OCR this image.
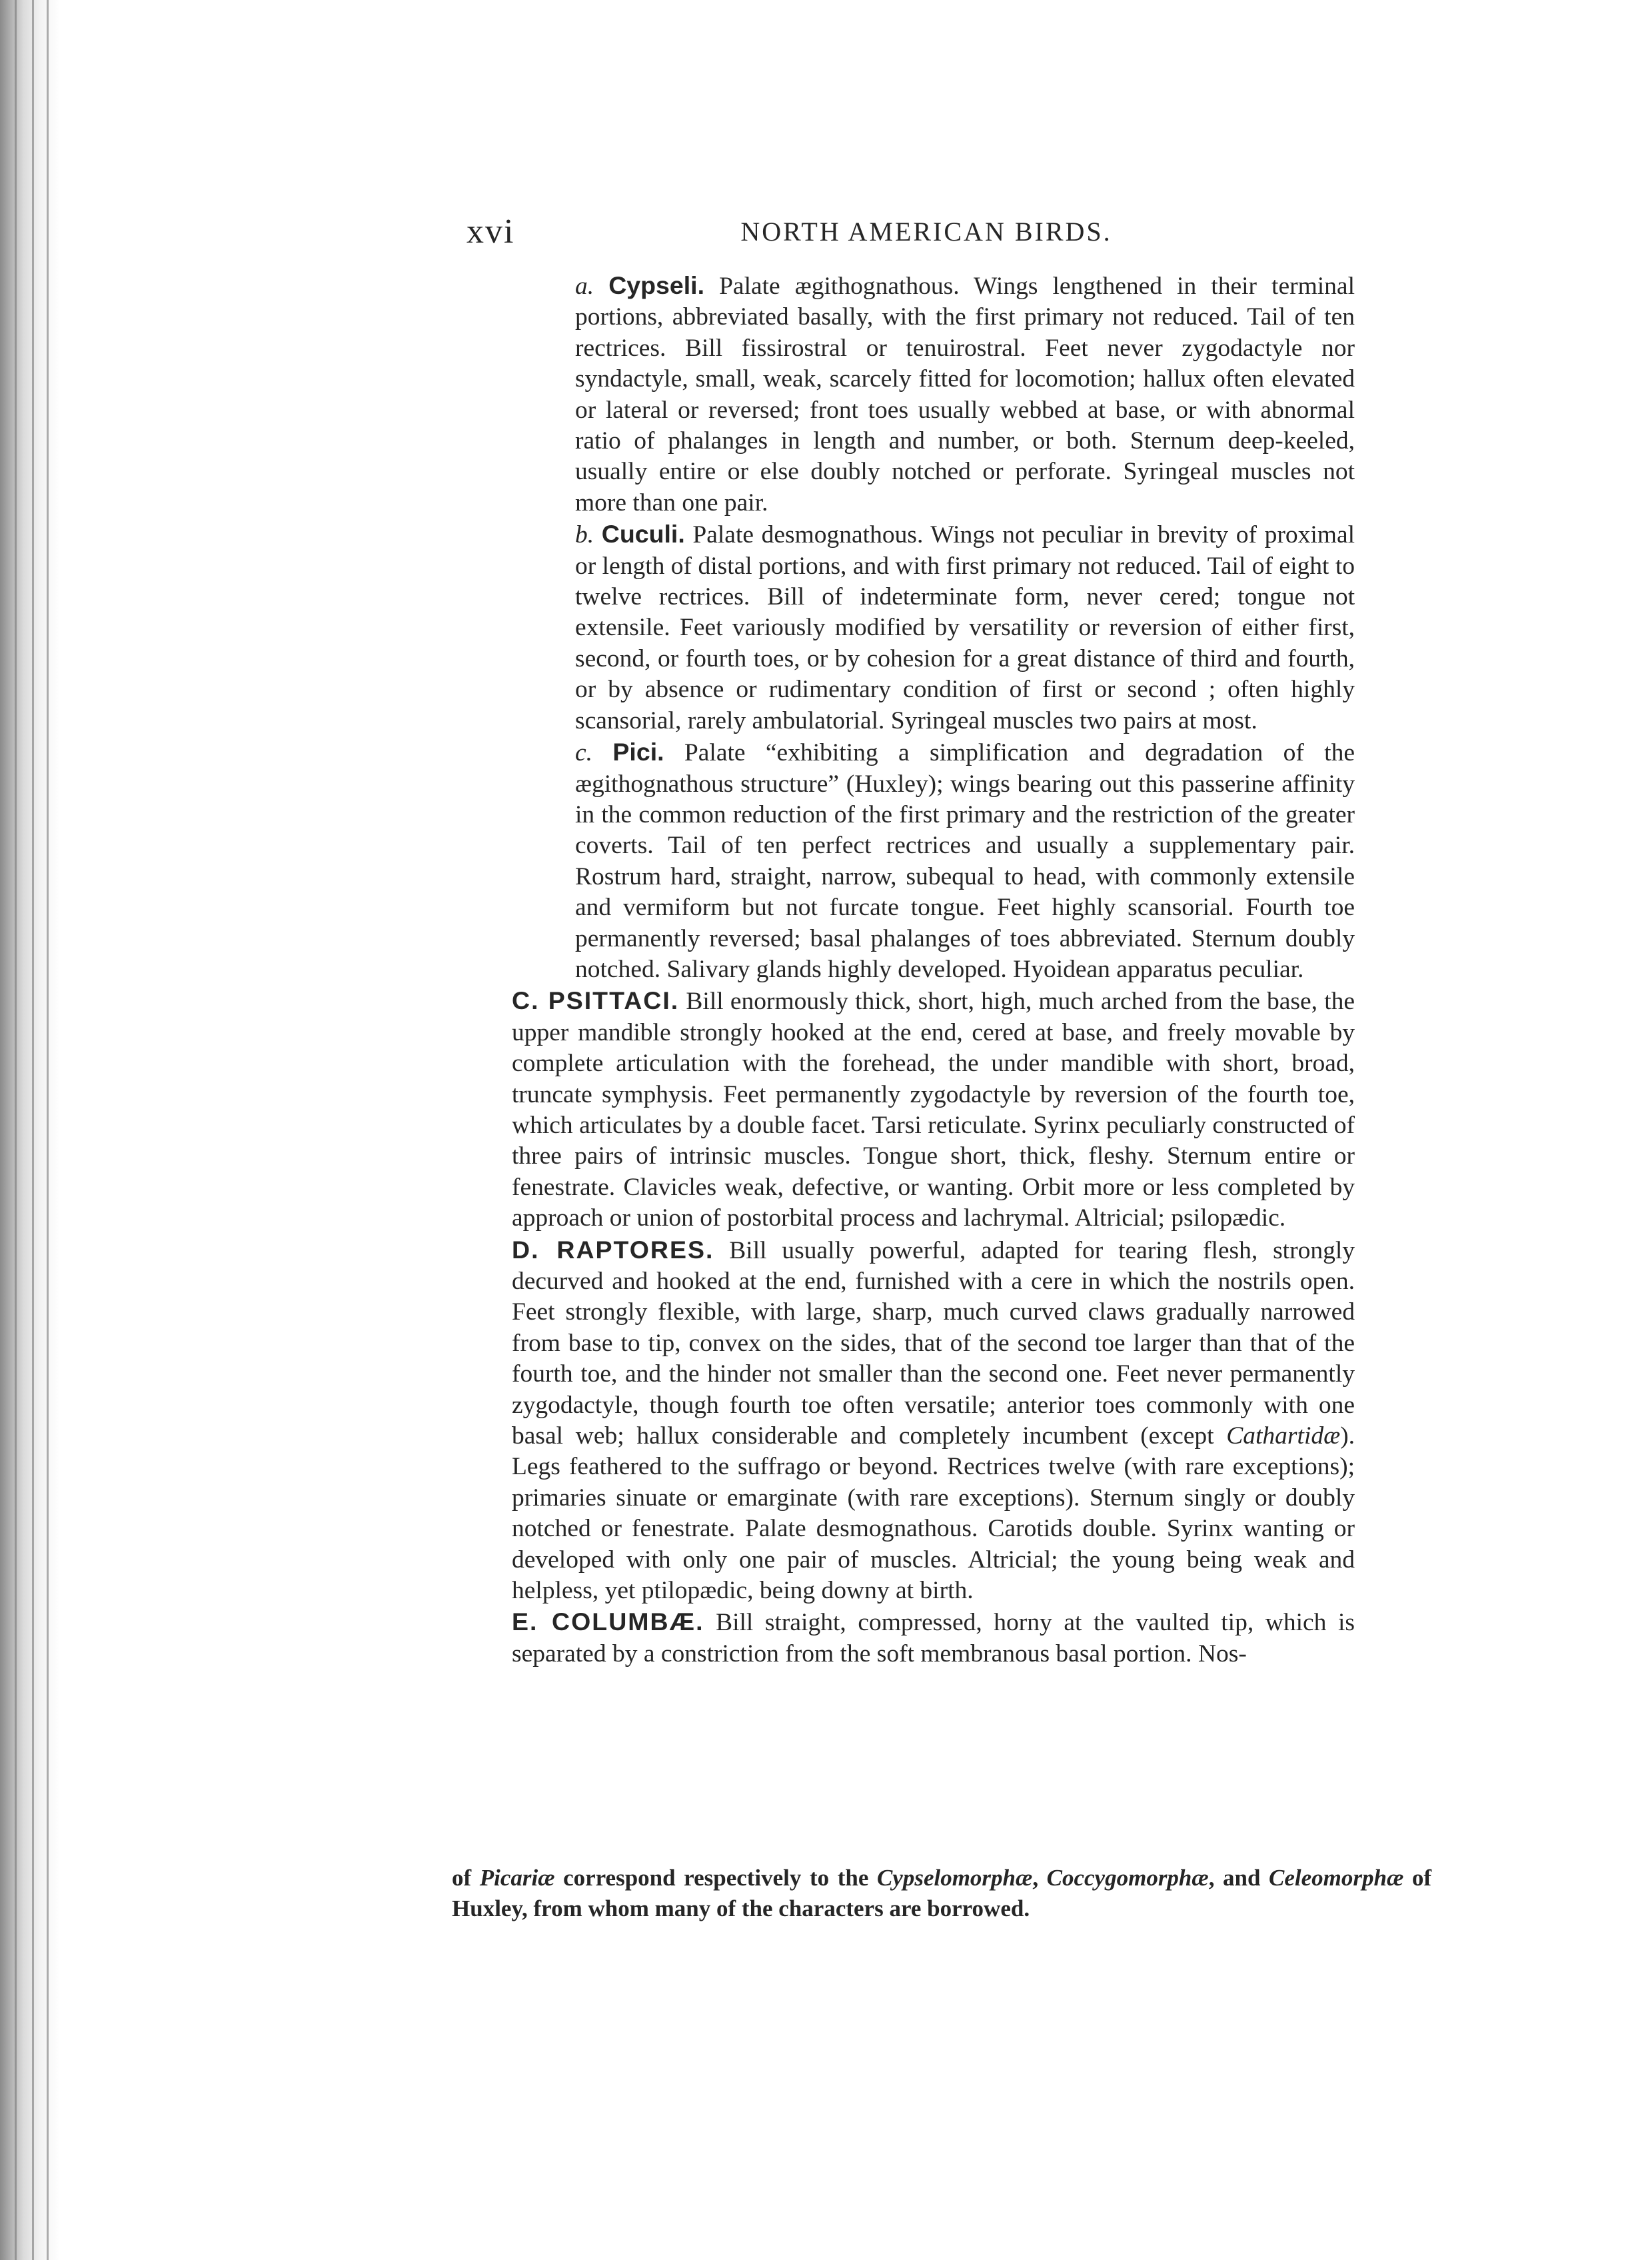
xvi	NORTH AMERICAN BIRDS.

a. Cypseli. Palate ægithognathous. Wings lengthened in their terminal portions, abbreviated basally, with the first primary not reduced. Tail of ten rectrices. Bill fissirostral or tenuirostral. Feet never zygodactyle nor syndactyle, small, weak, scarcely fitted for locomotion; hallux often elevated or lateral or reversed; front toes usually webbed at base, or with abnormal ratio of phalanges in length and number, or both. Sternum deep-keeled, usually entire or else doubly notched or perforate. Syringeal muscles not more than one pair.

b. Cuculi. Palate desmognathous. Wings not peculiar in brevity of proximal or length of distal portions, and with first primary not reduced. Tail of eight to twelve rectrices. Bill of indeterminate form, never cered; tongue not extensile. Feet variously modified by versatility or reversion of either first, second, or fourth toes, or by cohesion for a great distance of third and fourth, or by absence or rudimentary condition of first or second ; often highly scansorial, rarely ambulatorial. Syringeal muscles two pairs at most.

c. Pici. Palate “exhibiting a simplification and degradation of the ægithognathous structure” (Huxley); wings bearing out this passerine affinity in the common reduction of the first primary and the restriction of the greater coverts. Tail of ten perfect rectrices and usually a supplementary pair. Rostrum hard, straight, narrow, subequal to head, with commonly extensile and vermiform but not furcate tongue. Feet highly scansorial. Fourth toe permanently reversed; basal phalanges of toes abbreviated. Sternum doubly notched. Salivary glands highly developed. Hyoidean apparatus peculiar.

C. PSITTACI. Bill enormously thick, short, high, much arched from the base, the upper mandible strongly hooked at the end, cered at base, and freely movable by complete articulation with the forehead, the under mandible with short, broad, truncate symphysis. Feet permanently zygodactyle by reversion of the fourth toe, which articulates by a double facet. Tarsi reticulate. Syrinx peculiarly constructed of three pairs of intrinsic muscles. Tongue short, thick, fleshy. Sternum entire or fenestrate. Clavicles weak, defective, or wanting. Orbit more or less completed by approach or union of postorbital process and lachrymal. Altricial; psilopædic.

D. RAPTORES. Bill usually powerful, adapted for tearing flesh, strongly decurved and hooked at the end, furnished with a cere in which the nostrils open. Feet strongly flexible, with large, sharp, much curved claws gradually narrowed from base to tip, convex on the sides, that of the second toe larger than that of the fourth toe, and the hinder not smaller than the second one. Feet never permanently zygodactyle, though fourth toe often versatile; anterior toes commonly with one basal web; hallux considerable and completely incumbent (except Cathartidæ). Legs feathered to the suffrago or beyond. Rectrices twelve (with rare exceptions); primaries sinuate or emarginate (with rare exceptions). Sternum singly or doubly notched or fenestrate. Palate desmognathous. Carotids double. Syrinx wanting or developed with only one pair of muscles. Altricial; the young being weak and helpless, yet ptilopædic, being downy at birth.

E. COLUMBÆ. Bill straight, compressed, horny at the vaulted tip, which is separated by a constriction from the soft membranous basal portion. Nos-

of Picariæ correspond respectively to the Cypselomorphæ, Coccygomorphæ, and Celeomorphæ of Huxley, from whom many of the characters are borrowed.
